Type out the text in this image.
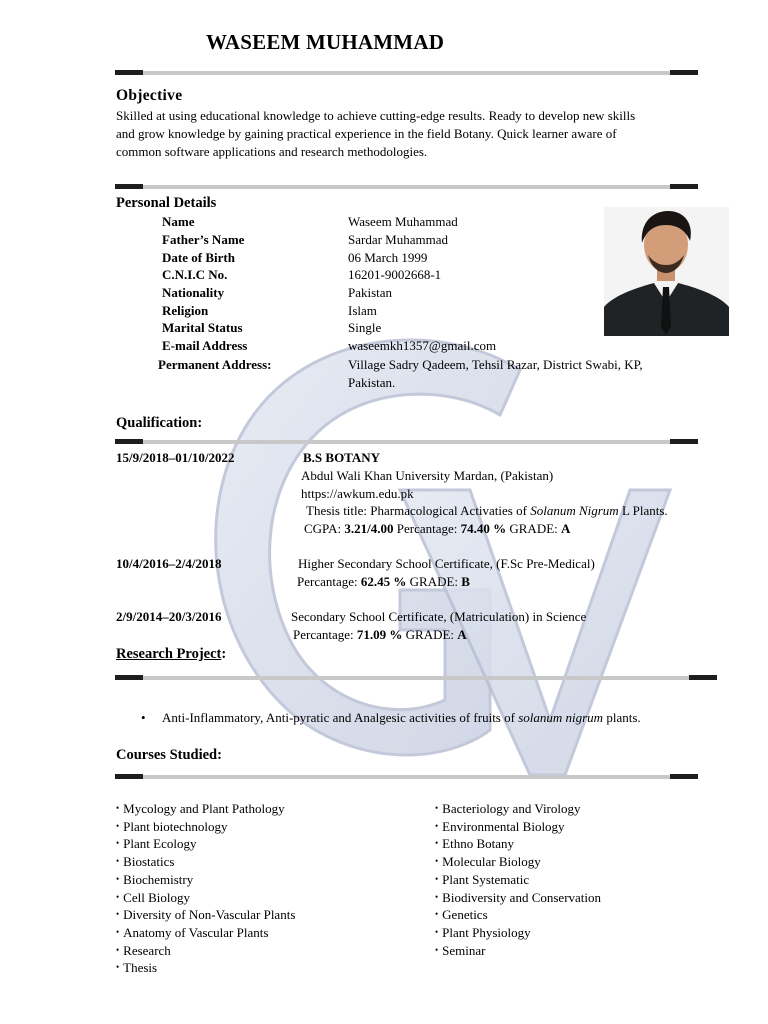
WASEEM MUHAMMAD
Objective
Skilled at using educational knowledge to achieve cutting-edge results. Ready to develop new skills
and grow knowledge by gaining practical experience in the field Botany. Quick learner aware of
common software applications and research methodologies.
Personal Details
Name	Waseem Muhammad
Father’s Name	Sardar Muhammad
Date of Birth	06 March 1999
C.N.I.C No.	16201-9002668-1
Nationality	Pakistan
Religion	Islam
Marital Status	Single
E-mail Address	waseemkh1357@gmail.com
Permanent Address:	Village Sadry Qadeem, Tehsil Razar, District Swabi, KP,
Pakistan.
Qualification:
15/9/2018–01/10/2022	B.S BOTANY
Abdul Wali Khan University Mardan, (Pakistan)
https://awkum.edu.pk
Thesis title: Pharmacological Activaties of Solanum Nigrum L Plants.
CGPA: 3.21/4.00 Percantage: 74.40 % GRADE: A
10/4/2016–2/4/2018	Higher Secondary School Certificate, (F.Sc Pre-Medical)
Percantage: 62.45 % GRADE: B
2/9/2014–20/3/2016	Secondary School Certificate, (Matriculation) in Science
Percantage: 71.09 % GRADE: A
Research Project:
• Anti-Inflammatory, Anti-pyratic and Analgesic activities of fruits of solanum nigrum plants.
Courses Studied:
• Mycology and Plant Pathology
• Plant biotechnology
• Plant Ecology
• Biostatics
• Biochemistry
• Cell Biology
• Diversity of Non-Vascular Plants
• Anatomy of Vascular Plants
• Research
• Thesis
• Bacteriology and Virology
• Environmental Biology
• Ethno Botany
• Molecular Biology
• Plant Systematic
• Biodiversity and Conservation
• Genetics
• Plant Physiology
• Seminar
